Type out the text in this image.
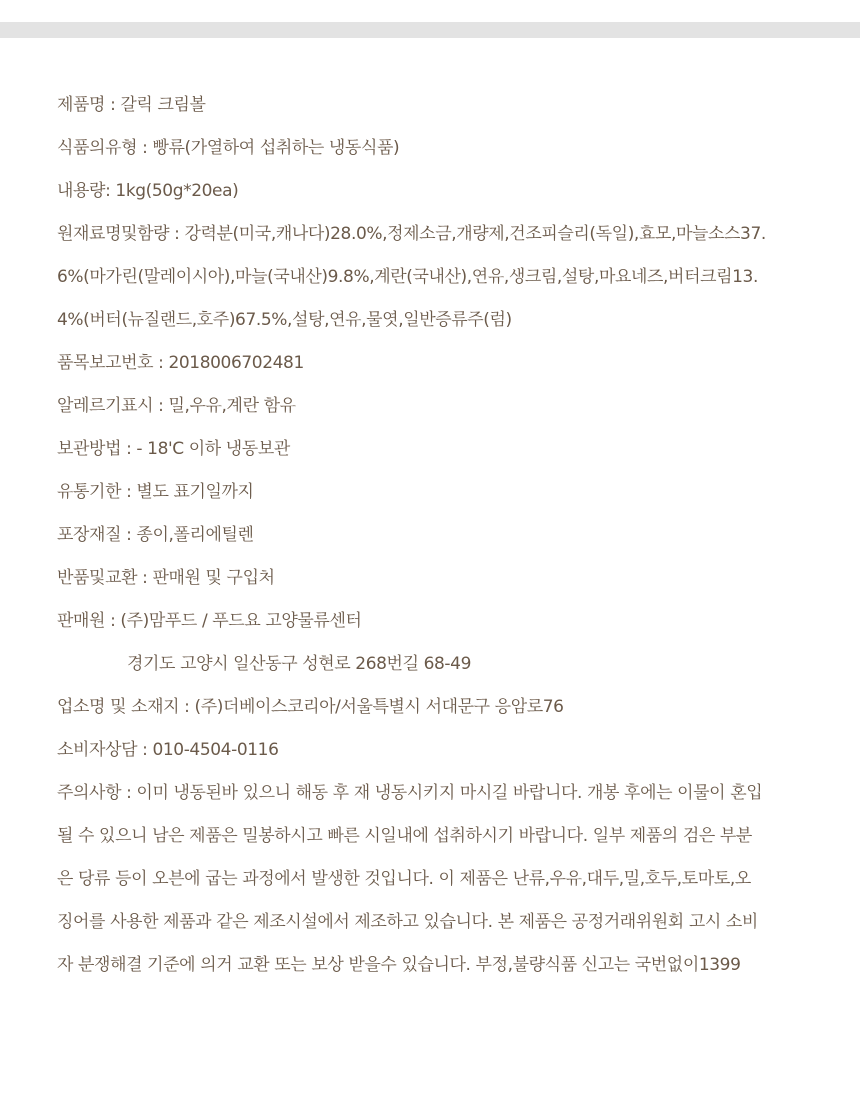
제품명 : 갈릭 크림볼
식품의유형 : 빵류(가열하여 섭취하는 냉동식품)
내용량: 1kg(50g*20ea)
원재료명및함량 : 강력분(미국,캐나다)28.0%,정제소금,개량제,건조피슬리(독일),효모,마늘소스37.
6%(마가린(말레이시아),마늘(국내산)9.8%,계란(국내산),연유,생크림,설탕,마요네즈,버터크림13.
4%(버터(뉴질랜드,호주)67.5%,설탕,연유,물엿,일반증류주(럼)
품목보고번호 : 2018006702481
알레르기표시 : 밀,우유,계란 함유
보관방법 : - 18'C 이하 냉동보관
유통기한 : 별도 표기일까지
포장재질 : 종이,폴리에틸렌
반품및교환 : 판매원 및 구입처
판매원 : (주)맘푸드 / 푸드요 고양물류센터
경기도 고양시 일산동구 성현로 268번길 68-49
업소명 및 소재지 : (주)더베이스코리아/서울특별시 서대문구 응암로76
소비자상담 : 010-4504-0116
주의사항 : 이미 냉동된바 있으니 해동 후 재 냉동시키지 마시길 바랍니다. 개봉 후에는 이물이 혼입
될 수 있으니 남은 제품은 밀봉하시고 빠른 시일내에 섭취하시기 바랍니다. 일부 제품의 검은 부분
은 당류 등이 오븐에 굽는 과정에서 발생한 것입니다. 이 제품은 난류,우유,대두,밀,호두,토마토,오
징어를 사용한 제품과 같은 제조시설에서 제조하고 있습니다. 본 제품은 공정거래위원회 고시 소비
자 분쟁해결 기준에 의거 교환 또는 보상 받을수 있습니다. 부정,불량식품 신고는 국번없이1399
